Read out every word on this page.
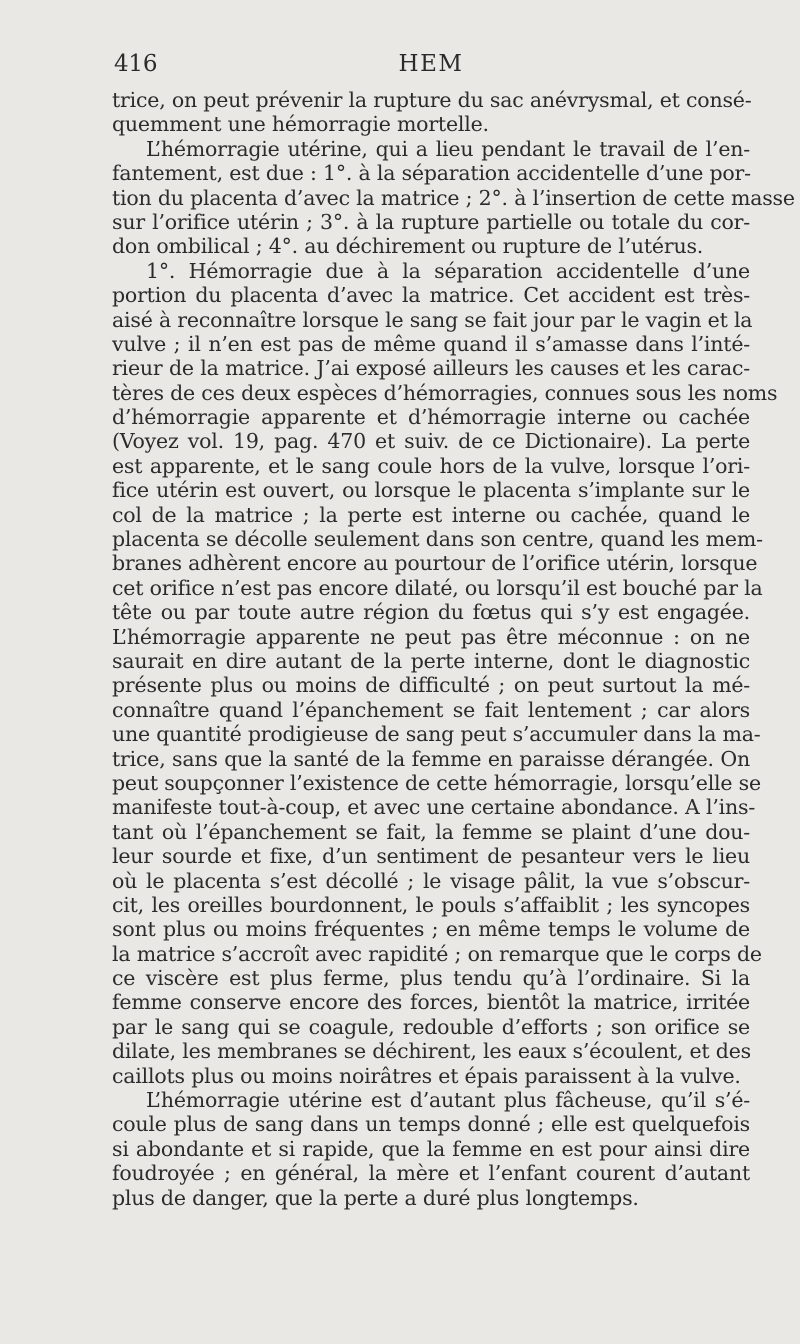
416	HEM
trice, on peut prévenir la rupture du sac anévrysmal, et consé-
quemment une hémorragie mortelle.
L’hémorragie utérine, qui a lieu pendant le travail de l’en-
fantement, est due : 1°. à la séparation accidentelle d’une por-
tion du placenta d’avec la matrice ; 2°. à l’insertion de cette masse
sur l’orifice utérin ; 3°. à la rupture partielle ou totale du cor-
don ombilical ; 4°. au déchirement ou rupture de l’utérus.
1°. Hémorragie due à la séparation accidentelle d’une
portion du placenta d’avec la matrice. Cet accident est très-
aisé à reconnaître lorsque le sang se fait jour par le vagin et la
vulve ; il n’en est pas de même quand il s’amasse dans l’inté-
rieur de la matrice. J’ai exposé ailleurs les causes et les carac-
tères de ces deux espèces d’hémorragies, connues sous les noms
d’hémorragie apparente et d’hémorragie interne ou cachée
(Voyez vol. 19, pag. 470 et suiv. de ce Dictionaire). La perte
est apparente, et le sang coule hors de la vulve, lorsque l’ori-
fice utérin est ouvert, ou lorsque le placenta s’implante sur le
col de la matrice ; la perte est interne ou cachée, quand le
placenta se décolle seulement dans son centre, quand les mem-
branes adhèrent encore au pourtour de l’orifice utérin, lorsque
cet orifice n’est pas encore dilaté, ou lorsqu’il est bouché par la
tête ou par toute autre région du fœtus qui s’y est engagée.
L’hémorragie apparente ne peut pas être méconnue : on ne
saurait en dire autant de la perte interne, dont le diagnostic
présente plus ou moins de difficulté ; on peut surtout la mé-
connaître quand l’épanchement se fait lentement ; car alors
une quantité prodigieuse de sang peut s’accumuler dans la ma-
trice, sans que la santé de la femme en paraisse dérangée. On
peut soupçonner l’existence de cette hémorragie, lorsqu’elle se
manifeste tout-à-coup, et avec une certaine abondance. A l’ins-
tant où l’épanchement se fait, la femme se plaint d’une dou-
leur sourde et fixe, d’un sentiment de pesanteur vers le lieu
où le placenta s’est décollé ; le visage pâlit, la vue s’obscur-
cit, les oreilles bourdonnent, le pouls s’affaiblit ; les syncopes
sont plus ou moins fréquentes ; en même temps le volume de
la matrice s’accroît avec rapidité ; on remarque que le corps de
ce viscère est plus ferme, plus tendu qu’à l’ordinaire. Si la
femme conserve encore des forces, bientôt la matrice, irritée
par le sang qui se coagule, redouble d’efforts ; son orifice se
dilate, les membranes se déchirent, les eaux s’écoulent, et des
caillots plus ou moins noirâtres et épais paraissent à la vulve.
L’hémorragie utérine est d’autant plus fâcheuse, qu’il s’é-
coule plus de sang dans un temps donné ; elle est quelquefois
si abondante et si rapide, que la femme en est pour ainsi dire
foudroyée ; en général, la mère et l’enfant courent d’autant
plus de danger, que la perte a duré plus longtemps.
